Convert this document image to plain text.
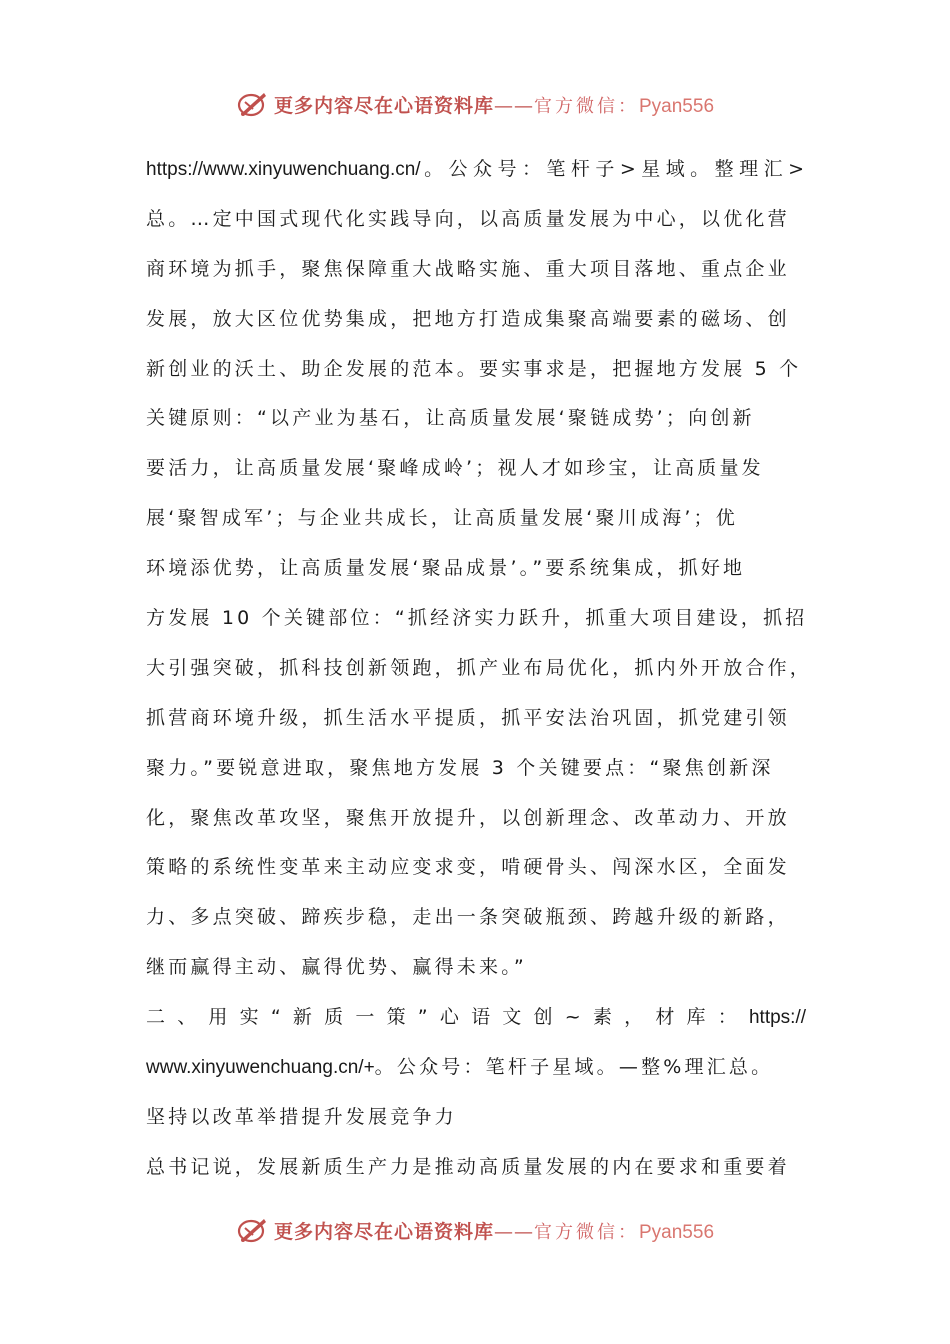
更多内容尽在心语资料库——官方微信：Pyan556
https://www.xinyuwenchuang.cn/。公众号：笔杆子>星域。整理汇>
总。…定中国式现代化实践导向，以高质量发展为中心，以优化营
商环境为抓手，聚焦保障重大战略实施、重大项目落地、重点企业
发展，放大区位优势集成，把地方打造成集聚高端要素的磁场、创
新创业的沃土、助企发展的范本。要实事求是，把握地方发展 5 个
关键原则：“以产业为基石，让高质量发展‘聚链成势’；向创新
要活力，让高质量发展‘聚峰成岭’；视人才如珍宝，让高质量发
展‘聚智成军’；与企业共成长，让高质量发展‘聚川成海’；优
环境添优势，让高质量发展‘聚品成景’。”要系统集成，抓好地
方发展 10 个关键部位：“抓经济实力跃升，抓重大项目建设，抓招
大引强突破，抓科技创新领跑，抓产业布局优化，抓内外开放合作，
抓营商环境升级，抓生活水平提质，抓平安法治巩固，抓党建引领
聚力。”要锐意进取，聚焦地方发展 3 个关键要点：“聚焦创新深
化，聚焦改革攻坚，聚焦开放提升，以创新理念、改革动力、开放
策略的系统性变革来主动应变求变，啃硬骨头、闯深水区，全面发
力、多点突破、蹄疾步稳，走出一条突破瓶颈、跨越升级的新路，
继而赢得主动、赢得优势、赢得未来。”
二、用实“新质一策”心语文创~素，材库：https://
www.xinyuwenchuang.cn/+。公众号：笔杆子星域。—整%理汇总。
坚持以改革举措提升发展竞争力
总书记说，发展新质生产力是推动高质量发展的内在要求和重要着
更多内容尽在心语资料库——官方微信：Pyan556
